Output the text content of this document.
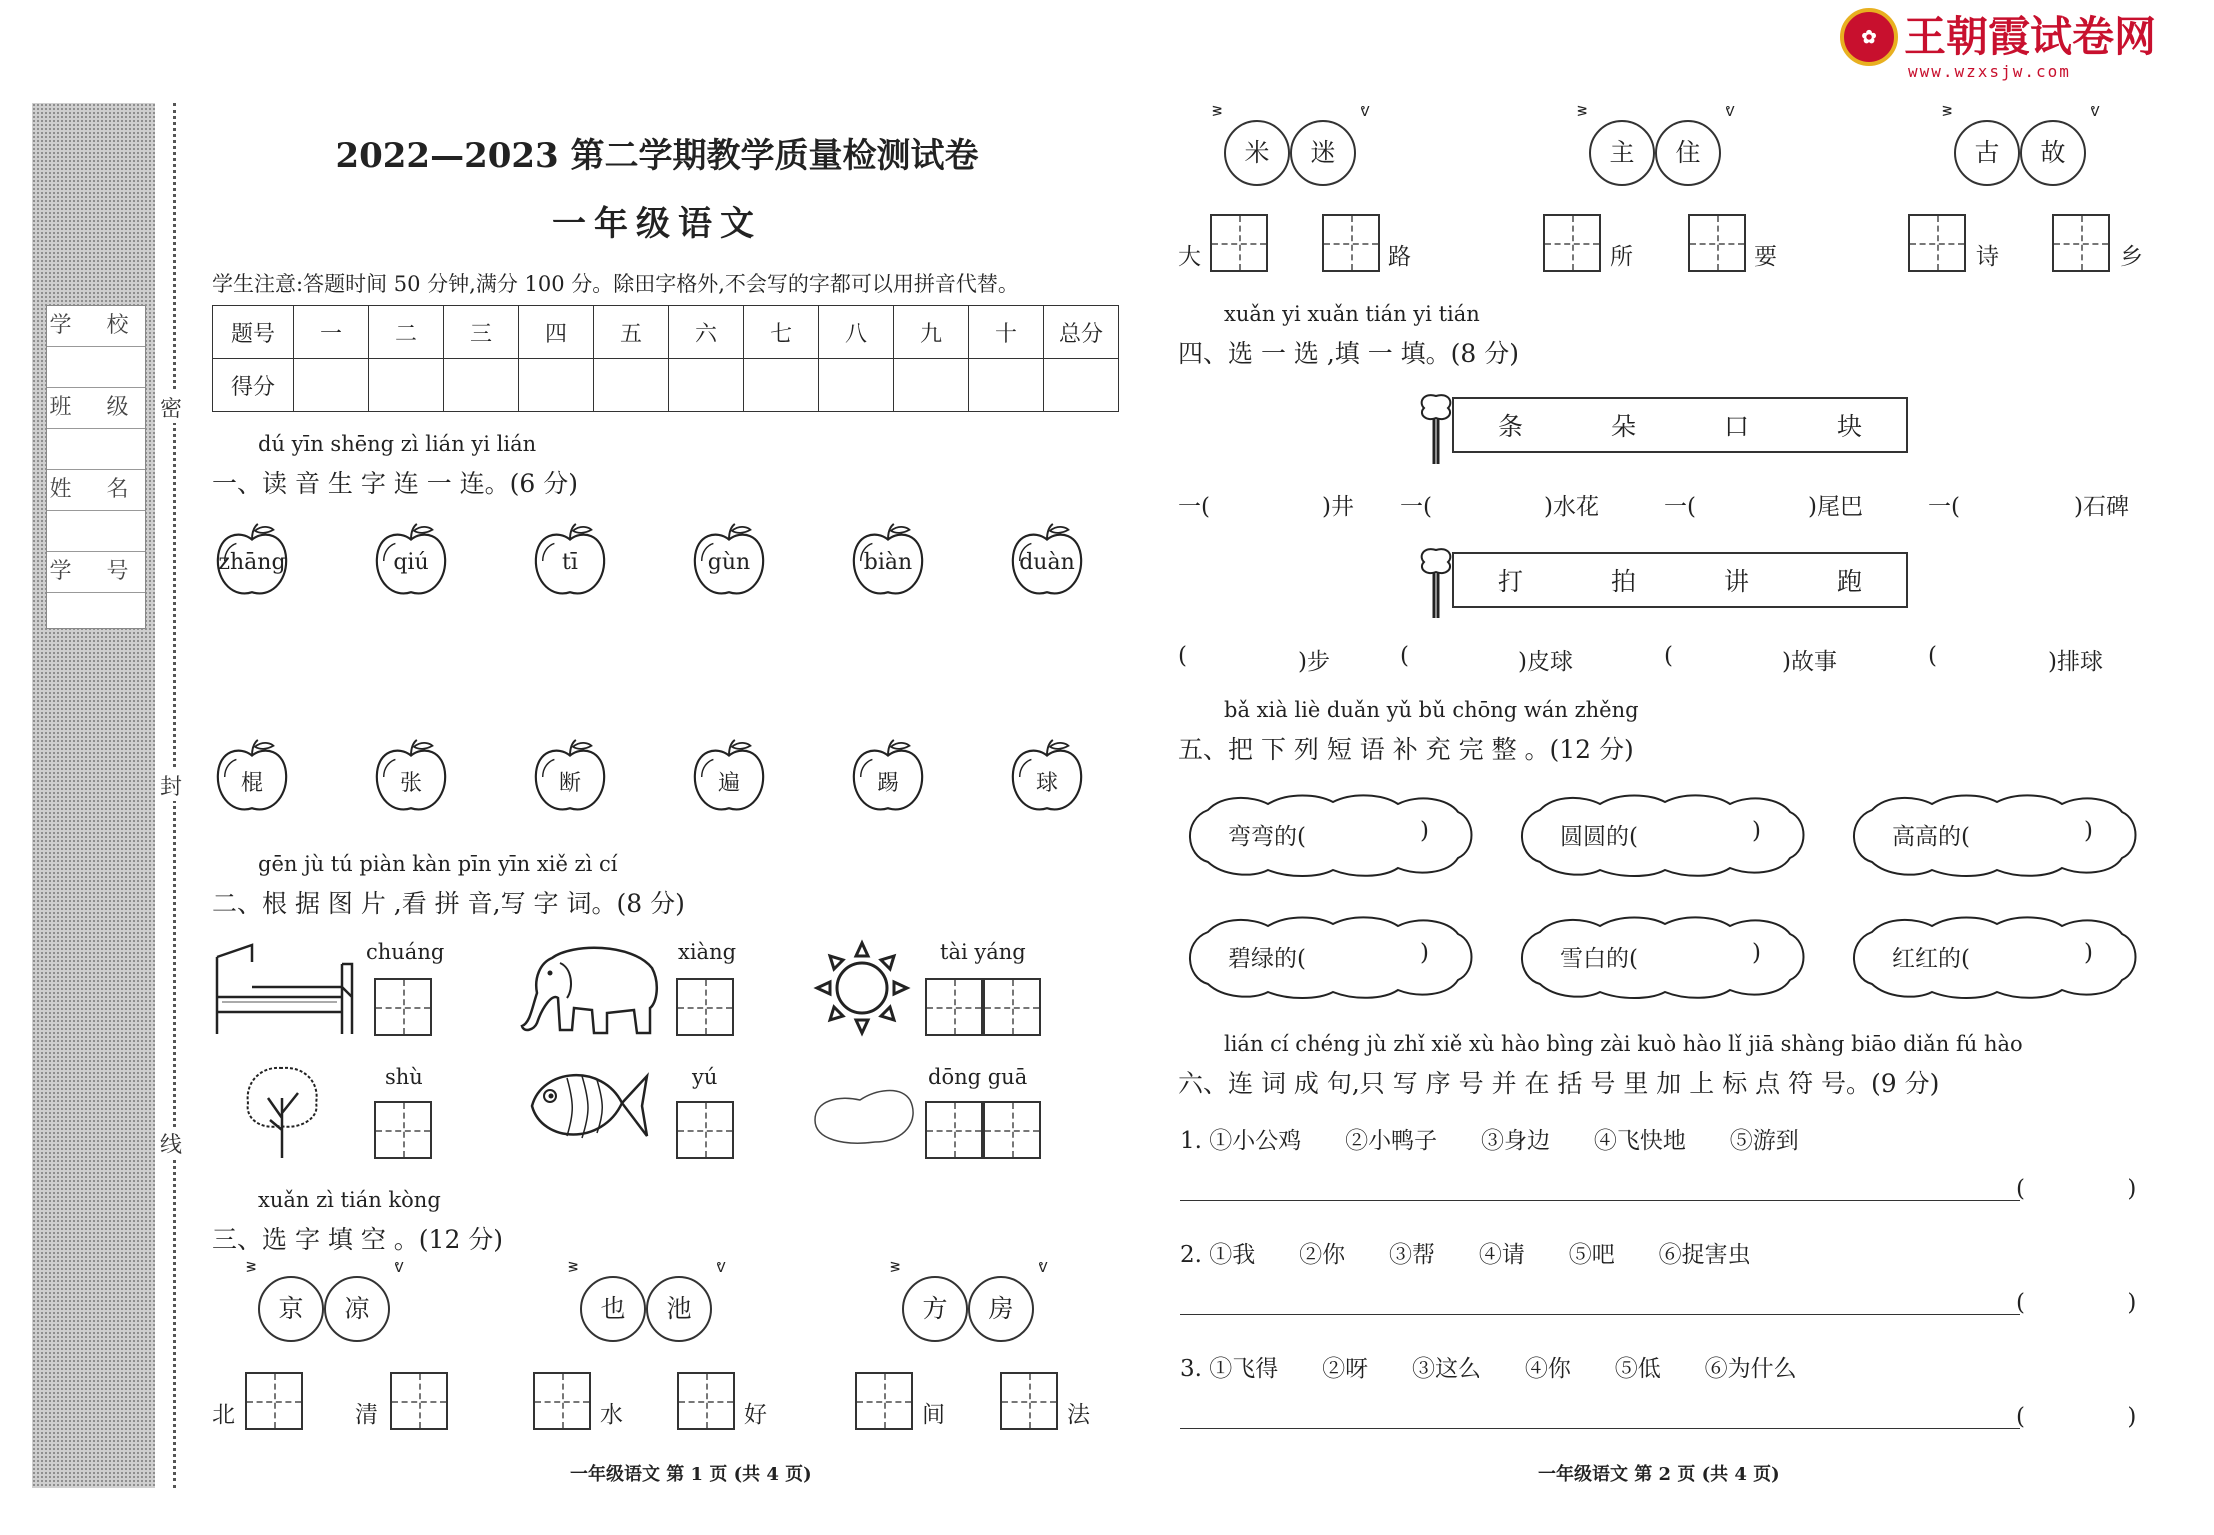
✿ 王朝霞试卷网
www.wzxsjw.com
学 校
班 级
姓 名
学 号
密
封
线
2022—2023 第二学期教学质量检测试卷
一年级语文
学生注意:答题时间 50 分钟,满分 100 分。除田字格外,不会写的字都可以用拼音代替。
题号	一	二	三	四	五	六	七	八	九	十	总分
得分											
dú yīn shēng zì lián yi lián
一、读 音 生 字 连 一 连。(6 分)
zhāng	qiú	tī	gùn	biàn	duàn
棍	张	断	遍	踢	球
gēn jù tú piàn kàn pīn yīn xiě zì cí
二、根 据 图 片 ,看 拼 音,写 字 词。(8 分)
chuáng	xiàng	tài yáng
shù	yú	dōng guā
xuǎn zì tián kòng
三、选 字 填 空 。(12 分)
ᕒ
京	凉
ᕓ	ᕒ
也	池
ᕓ	ᕒ
方	房
ᕓ
北	清	水	好	间	法
一年级语文 第 1 页 (共 4 页)
ᕒ
米	迷
ᕓ	ᕒ
主	住
ᕓ	ᕒ
古	故
ᕓ
大	路	所	要	诗	乡
xuǎn yi xuǎn tián yi tián
四、选 一 选 ,填 一 填。(8 分)
条	朵	口	块
一(	)井 一(	)水花	一(	)尾巴	一(	)石碑
打	拍	讲	跑
(	)步	(	)皮球	(	)故事	(	)排球
bǎ xià liè duǎn yǔ bǔ chōng wán zhěng
五、把 下 列 短 语 补 充 完 整 。(12 分)
弯弯的(	)	圆圆的(	)	高高的(	)
碧绿的(	)	雪白的(	)	红红的(	)
lián cí chéng jù zhǐ xiě xù hào bìng zài kuò hào lǐ jiā shàng biāo diǎn fú hào
六、连 词 成 句,只 写 序 号 并 在 括 号 里 加 上 标 点 符 号。(9 分)
1. ①小公鸡      ②小鸭子      ③身边      ④飞快地      ⑤游到
(              )
2. ①我      ②你      ③帮      ④请      ⑤吧      ⑥捉害虫
(              )
3. ①飞得      ②呀      ③这么      ④你      ⑤低      ⑥为什么
(              )
一年级语文 第 2 页 (共 4 页)
